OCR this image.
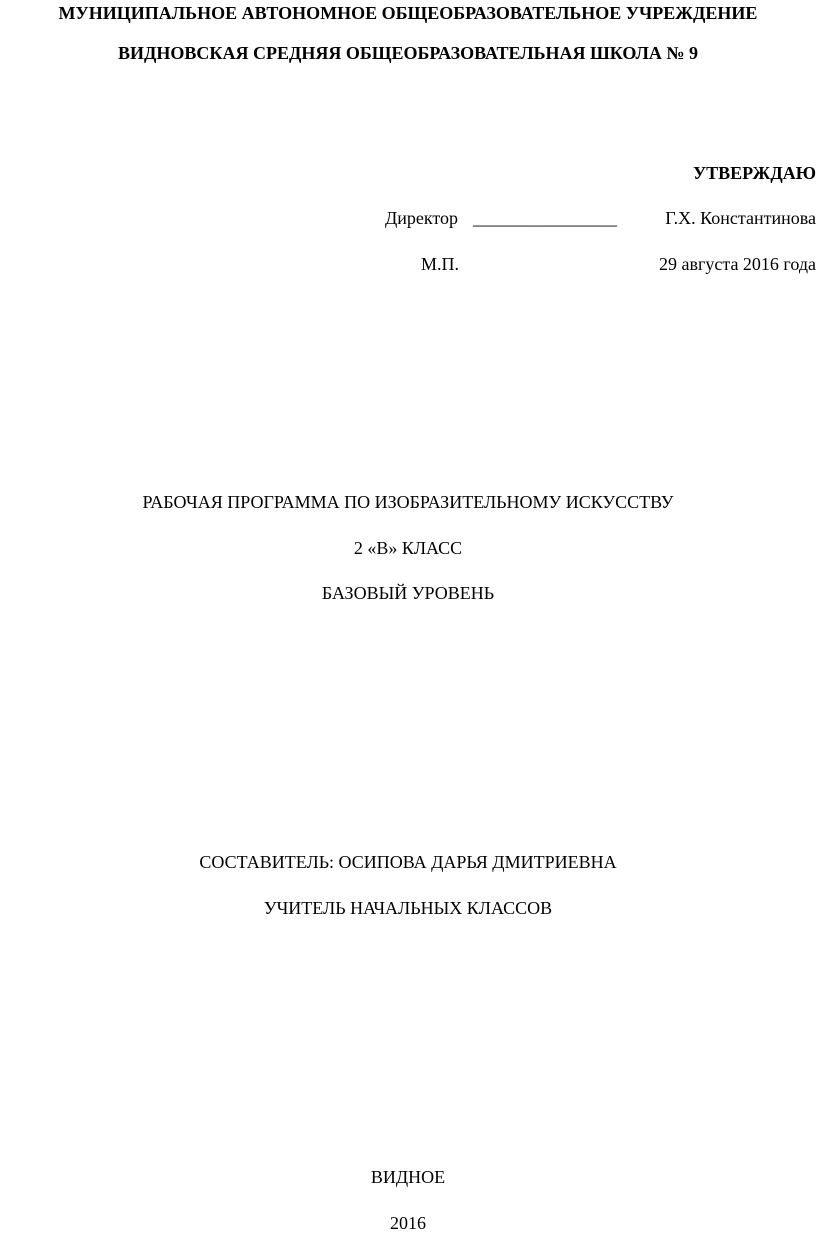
МУНИЦИПАЛЬНОЕ АВТОНОМНОЕ ОБЩЕОБРАЗОВАТЕЛЬНОЕ УЧРЕЖДЕНИЕ
ВИДНОВСКАЯ СРЕДНЯЯ ОБЩЕОБРАЗОВАТЕЛЬНАЯ ШКОЛА № 9
УТВЕРЖДАЮ
Директор ________________	Г.Х. Константинова
М.П.	29 августа 2016 года
РАБОЧАЯ ПРОГРАММА ПО ИЗОБРАЗИТЕЛЬНОМУ ИСКУССТВУ
2 «В» КЛАСС
БАЗОВЫЙ УРОВЕНЬ
СОСТАВИТЕЛЬ: ОСИПОВА ДАРЬЯ ДМИТРИЕВНА
УЧИТЕЛЬ НАЧАЛЬНЫХ КЛАССОВ
ВИДНОЕ
2016
